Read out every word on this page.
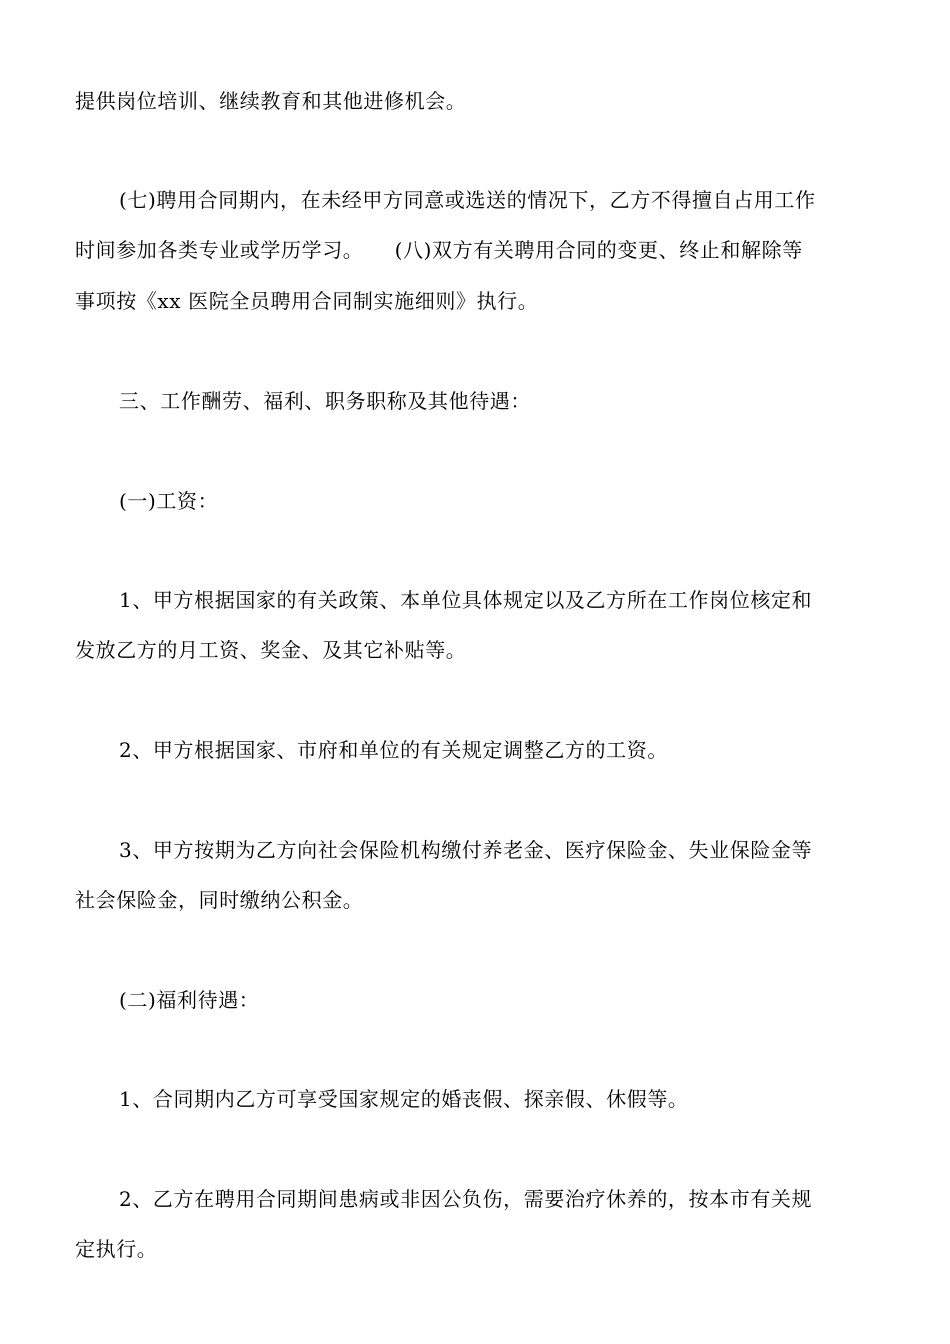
提供岗位培训、继续教育和其他进修机会。
(七)聘用合同期内，在未经甲方同意或选送的情况下，乙方不得擅自占用工作
时间参加各类专业或学历学习。　　(八)双方有关聘用合同的变更、终止和解除等
事项按《xx 医院全员聘用合同制实施细则》执行。
三、工作酬劳、福利、职务职称及其他待遇：
(一)工资：
1、甲方根据国家的有关政策、本单位具体规定以及乙方所在工作岗位核定和
发放乙方的月工资、奖金、及其它补贴等。
2、甲方根据国家、市府和单位的有关规定调整乙方的工资。
3、甲方按期为乙方向社会保险机构缴付养老金、医疗保险金、失业保险金等
社会保险金，同时缴纳公积金。
(二)福利待遇：
1、合同期内乙方可享受国家规定的婚丧假、探亲假、休假等。
2、乙方在聘用合同期间患病或非因公负伤，需要治疗休养的，按本市有关规
定执行。
